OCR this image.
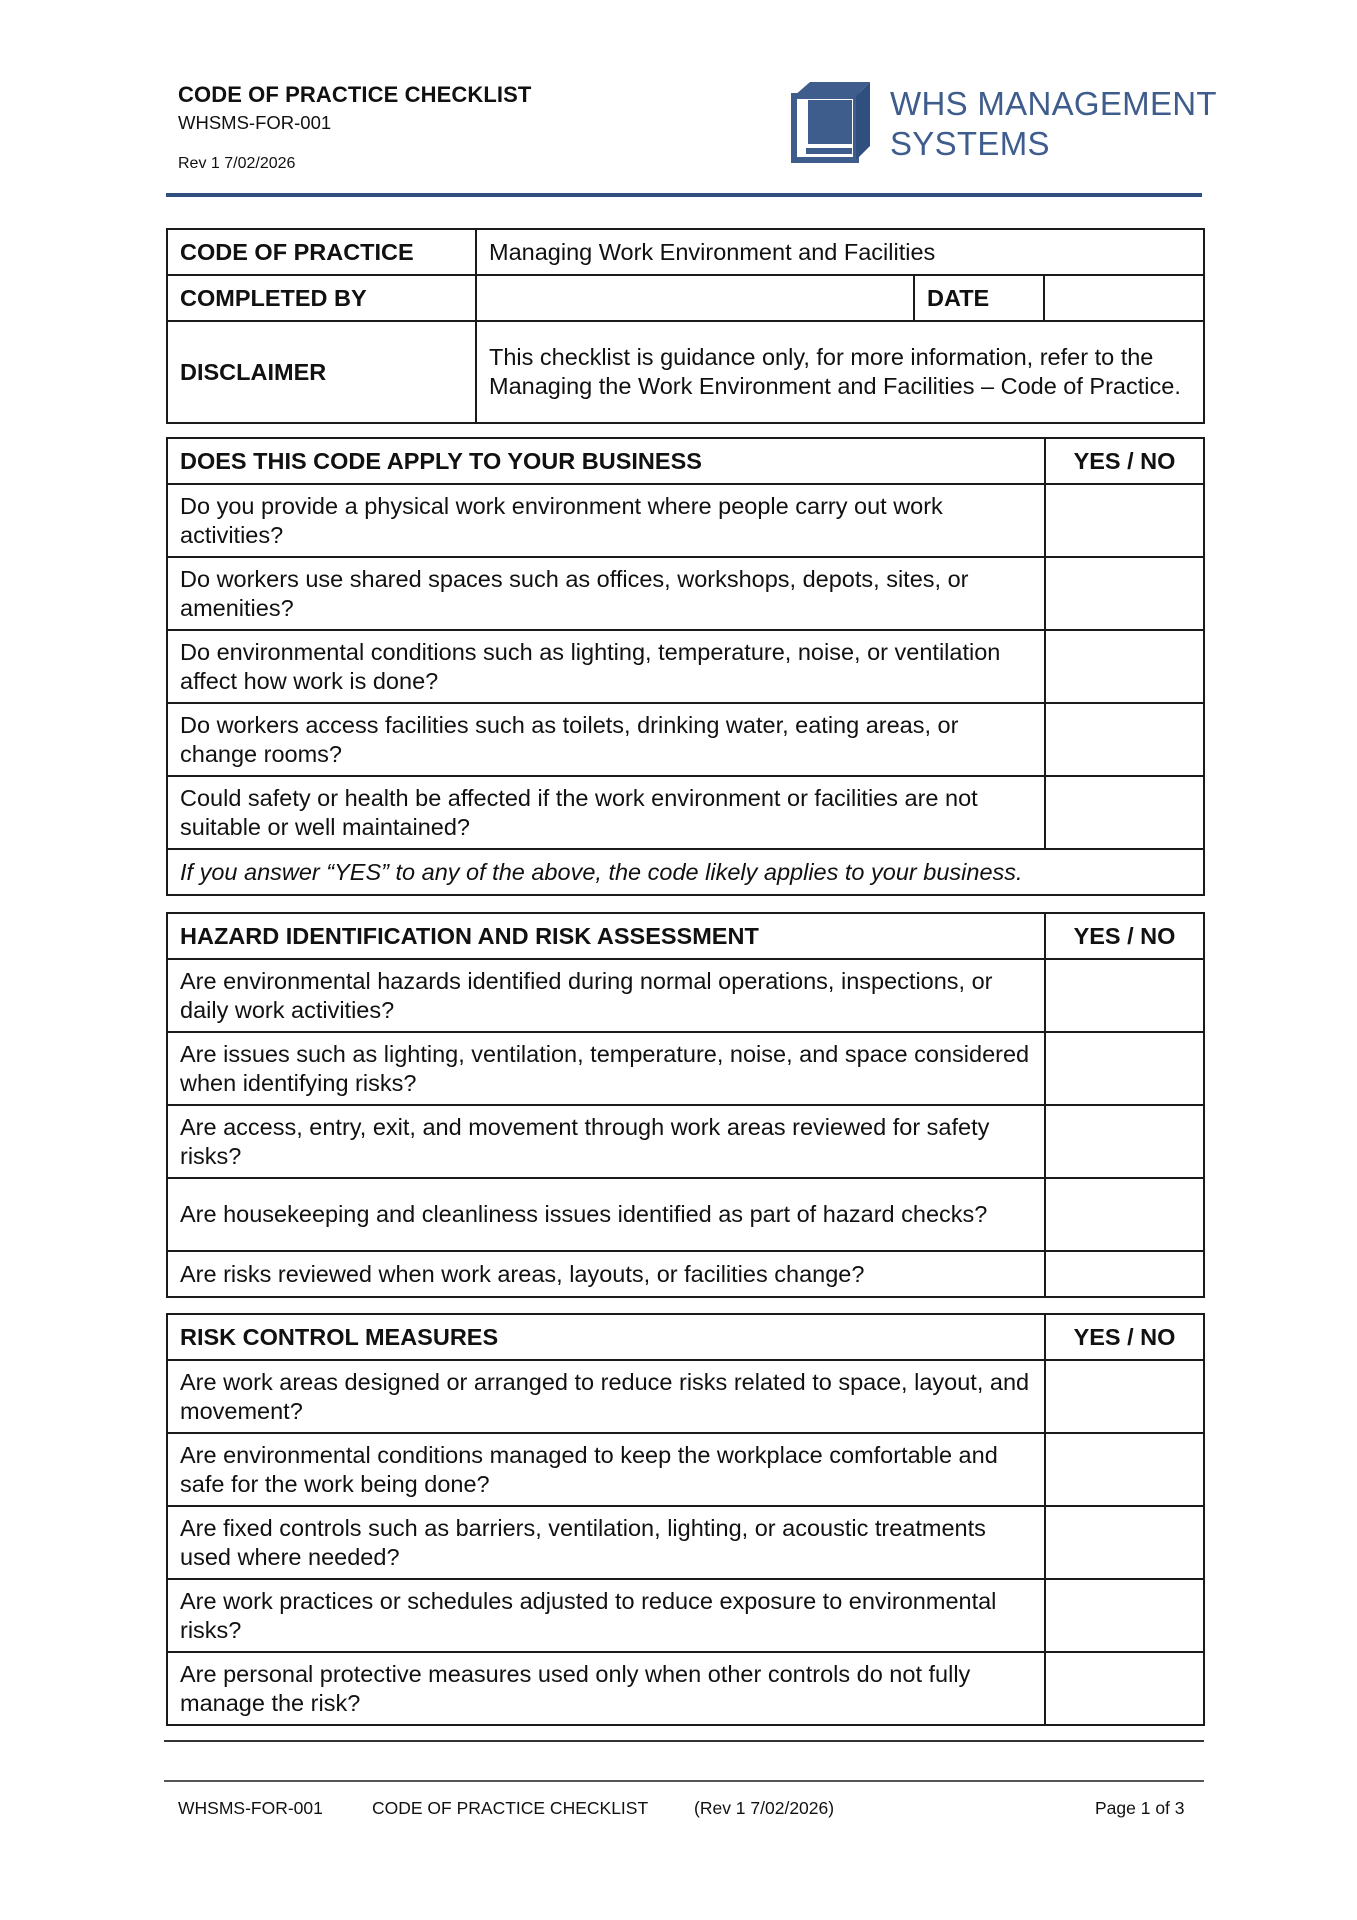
CODE OF PRACTICE CHECKLIST
WHSMS-FOR-001
Rev 1 7/02/2026
WHS MANAGEMENT
SYSTEMS
CODE OF PRACTICE	Managing Work Environment and Facilities		
COMPLETED BY		DATE	
DISCLAIMER	This checklist is guidance only, for more information, refer to the Managing the Work Environment and Facilities – Code of Practice.		
DOES THIS CODE APPLY TO YOUR BUSINESS	YES / NO
Do you provide a physical work environment where people carry out work activities?	
Do workers use shared spaces such as offices, workshops, depots, sites, or amenities?	
Do environmental conditions such as lighting, temperature, noise, or ventilation affect how work is done?	
Do workers access facilities such as toilets, drinking water, eating areas, or change rooms?	
Could safety or health be affected if the work environment or facilities are not suitable or well maintained?	
If you answer “YES” to any of the above, the code likely applies to your business.	
HAZARD IDENTIFICATION AND RISK ASSESSMENT	YES / NO
Are environmental hazards identified during normal operations, inspections, or daily work activities?	
Are issues such as lighting, ventilation, temperature, noise, and space considered when identifying risks?	
Are access, entry, exit, and movement through work areas reviewed for safety risks?	
Are housekeeping and cleanliness issues identified as part of hazard checks?	
Are risks reviewed when work areas, layouts, or facilities change?	
RISK CONTROL MEASURES	YES / NO
Are work areas designed or arranged to reduce risks related to space, layout, and movement?	
Are environmental conditions managed to keep the workplace comfortable and safe for the work being done?	
Are fixed controls such as barriers, ventilation, lighting, or acoustic treatments used where needed?	
Are work practices or schedules adjusted to reduce exposure to environmental risks?	
Are personal protective measures used only when other controls do not fully manage the risk?	
WHSMS-FOR-001	CODE OF PRACTICE CHECKLIST	(Rev 1 7/02/2026)	Page 1 of 3
